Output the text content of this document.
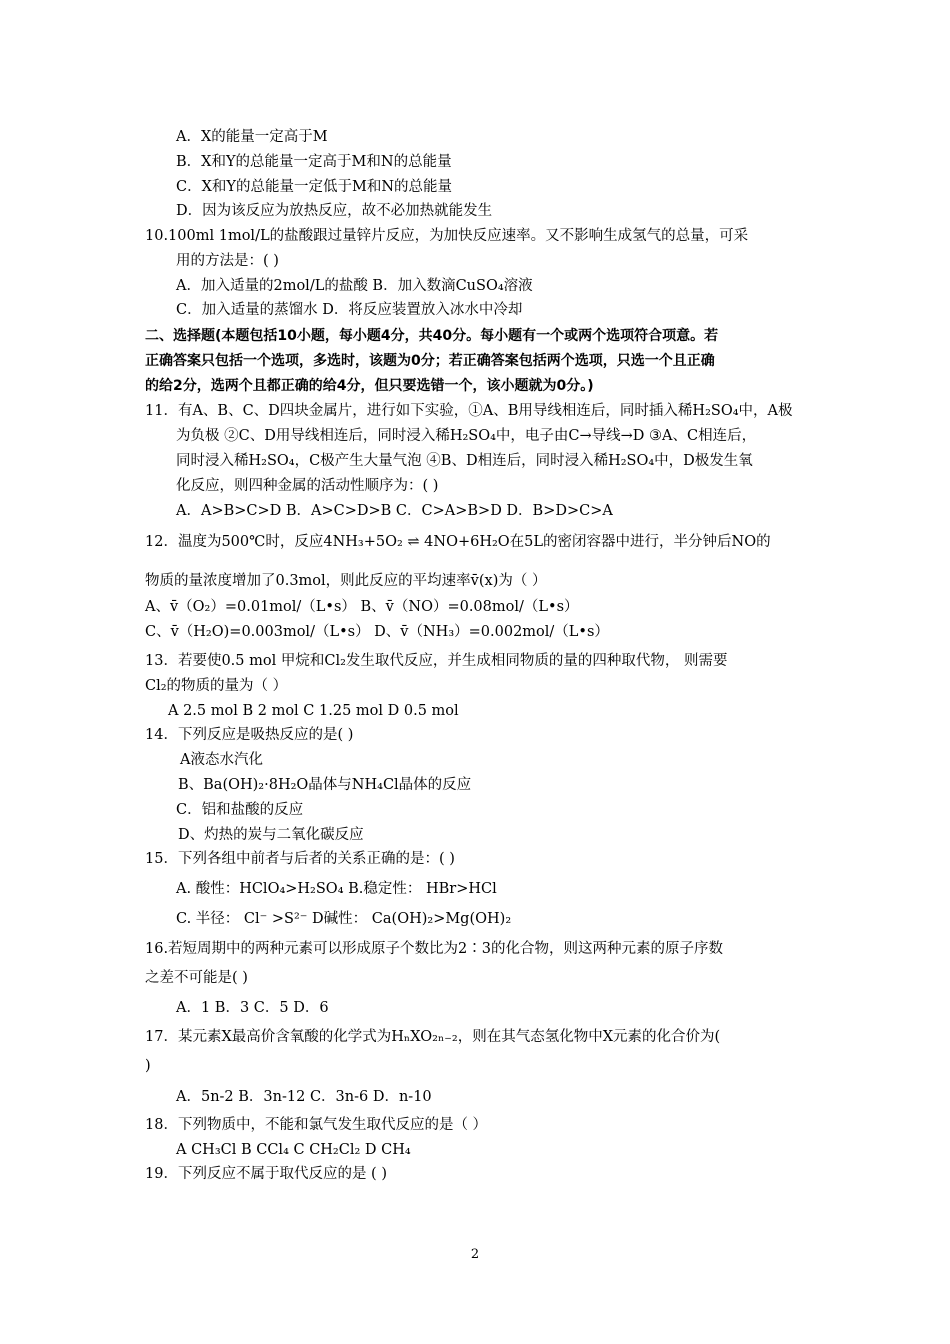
A．X的能量一定高于M
B．X和Y的总能量一定高于M和N的总能量
C．X和Y的总能量一定低于M和N的总能量
D．因为该反应为放热反应，故不必加热就能发生
10.100ml 1mol/L的盐酸跟过量锌片反应，为加快反应速率。又不影响生成氢气的总量，可采
用的方法是：( )
A．加入适量的2mol/L的盐酸 B．加入数滴CuSO₄溶液
C．加入适量的蒸馏水 D．将反应装置放入冰水中冷却
二、选择题(本题包括10小题，每小题4分，共40分。每小题有一个或两个选项符合项意。若
正确答案只包括一个选项，多选时，该题为0分；若正确答案包括两个选项，只选一个且正确
的给2分，选两个且都正确的给4分，但只要选错一个，该小题就为0分。)
11．有A、B、C、D四块金属片，进行如下实验，①A、B用导线相连后，同时插入稀H₂SO₄中，A极
为负极 ②C、D用导线相连后，同时浸入稀H₂SO₄中，电子由C→导线→D ③A、C相连后，
同时浸入稀H₂SO₄，C极产生大量气泡 ④B、D相连后，同时浸入稀H₂SO₄中，D极发生氧
化反应，则四种金属的活动性顺序为：( )
A．A>B>C>D B．A>C>D>B C．C>A>B>D D．B>D>C>A
12．温度为500℃时，反应4NH₃+5O₂ ⇌ 4NO+6H₂O在5L的密闭容器中进行，半分钟后NO的
物质的量浓度增加了0.3mol，则此反应的平均速率v̄(x)为（ ）
A、v̄（O₂）=0.01mol/（L•s） B、v̄（NO）=0.08mol/（L•s）
C、v̄（H₂O)=0.003mol/（L•s） D、v̄（NH₃）=0.002mol/（L•s）
13．若要使0.5 mol 甲烷和Cl₂发生取代反应，并生成相同物质的量的四种取代物， 则需要
Cl₂的物质的量为（ ）
A 2.5 mol B 2 mol C 1.25 mol D 0.5 mol
14．下列反应是吸热反应的是( )
A液态水汽化
B、Ba(OH)₂·8H₂O晶体与NH₄Cl晶体的反应
C．铝和盐酸的反应
D、灼热的炭与二氧化碳反应
15．下列各组中前者与后者的关系正确的是：( )
A. 酸性：HClO₄>H₂SO₄ B.稳定性： HBr>HCl
C. 半径： Cl⁻ >S²⁻ D碱性： Ca(OH)₂>Mg(OH)₂
16.若短周期中的两种元素可以形成原子个数比为2∶3的化合物，则这两种元素的原子序数
之差不可能是( )
A．1 B．3 C．5 D．6
17．某元素X最高价含氧酸的化学式为HₙXO₂ₙ₋₂，则在其气态氢化物中X元素的化合价为(
)
A．5n-2 B．3n-12 C．3n-6 D．n-10
18．下列物质中，不能和氯气发生取代反应的是（ ）
A CH₃Cl B CCl₄ C CH₂Cl₂ D CH₄
19．下列反应不属于取代反应的是 ( )
2
